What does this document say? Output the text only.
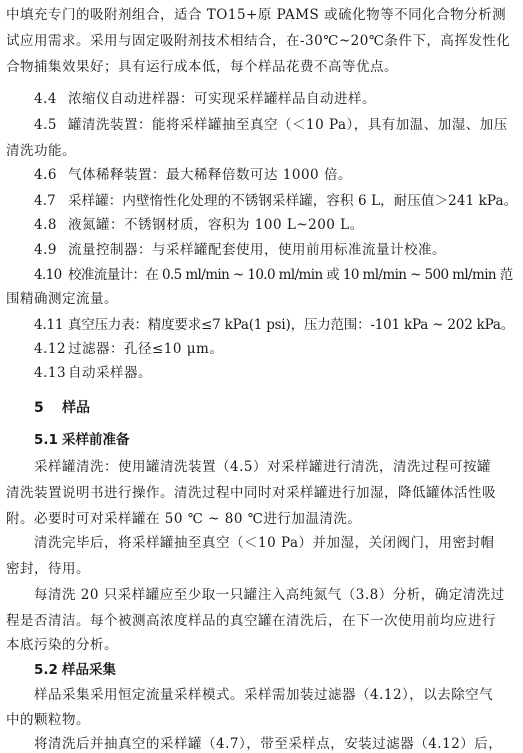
中填充专门的吸附剂组合，适合 TO15+原 PAMS 或硫化物等不同化合物分析测
试应用需求。采用与固定吸附剂技术相结合，在-30℃~20℃条件下，高挥发性化
合物捕集效果好；具有运行成本低，每个样品花费不高等优点。
4.4 浓缩仪自动进样器：可实现采样罐样品自动进样。
4.5 罐清洗装置：能将采样罐抽至真空（＜10 Pa），具有加温、加湿、加压
清洗功能。
4.6 气体稀释装置：最大稀释倍数可达 1000 倍。
4.7 采样罐：内壁惰性化处理的不锈钢采样罐，容积 6 L，耐压值＞241 kPa。
4.8 液氮罐：不锈钢材质，容积为 100 L~200 L。
4.9 流量控制器：与采样罐配套使用，使用前用标准流量计校准。
4.10 校准流量计：在 0.5 ml/min ~ 10.0 ml/min 或 10 ml/min ~ 500 ml/min 范
围精确测定流量。
4.11 真空压力表：精度要求≤7 kPa(1 psi)，压力范围：-101 kPa ~ 202 kPa。
4.12 过滤器：孔径≤10 μm。
4.13 自动采样器。
5 样品
5.1 采样前准备
采样罐清洗：使用罐清洗装置（4.5）对采样罐进行清洗，清洗过程可按罐
清洗装置说明书进行操作。清洗过程中同时对采样罐进行加湿，降低罐体活性吸
附。必要时可对采样罐在 50 ℃ ~ 80 ℃进行加温清洗。
清洗完毕后，将采样罐抽至真空（＜10 Pa）并加湿，关闭阀门，用密封帽
密封，待用。
每清洗 20 只采样罐应至少取一只罐注入高纯氮气（3.8）分析，确定清洗过
程是否清洁。每个被测高浓度样品的真空罐在清洗后，在下一次使用前均应进行
本底污染的分析。
5.2 样品采集
样品采集采用恒定流量采样模式。采样需加装过滤器（4.12），以去除空气
中的颗粒物。
将清洗后并抽真空的采样罐（4.7），带至采样点，安装过滤器（4.12）后，
